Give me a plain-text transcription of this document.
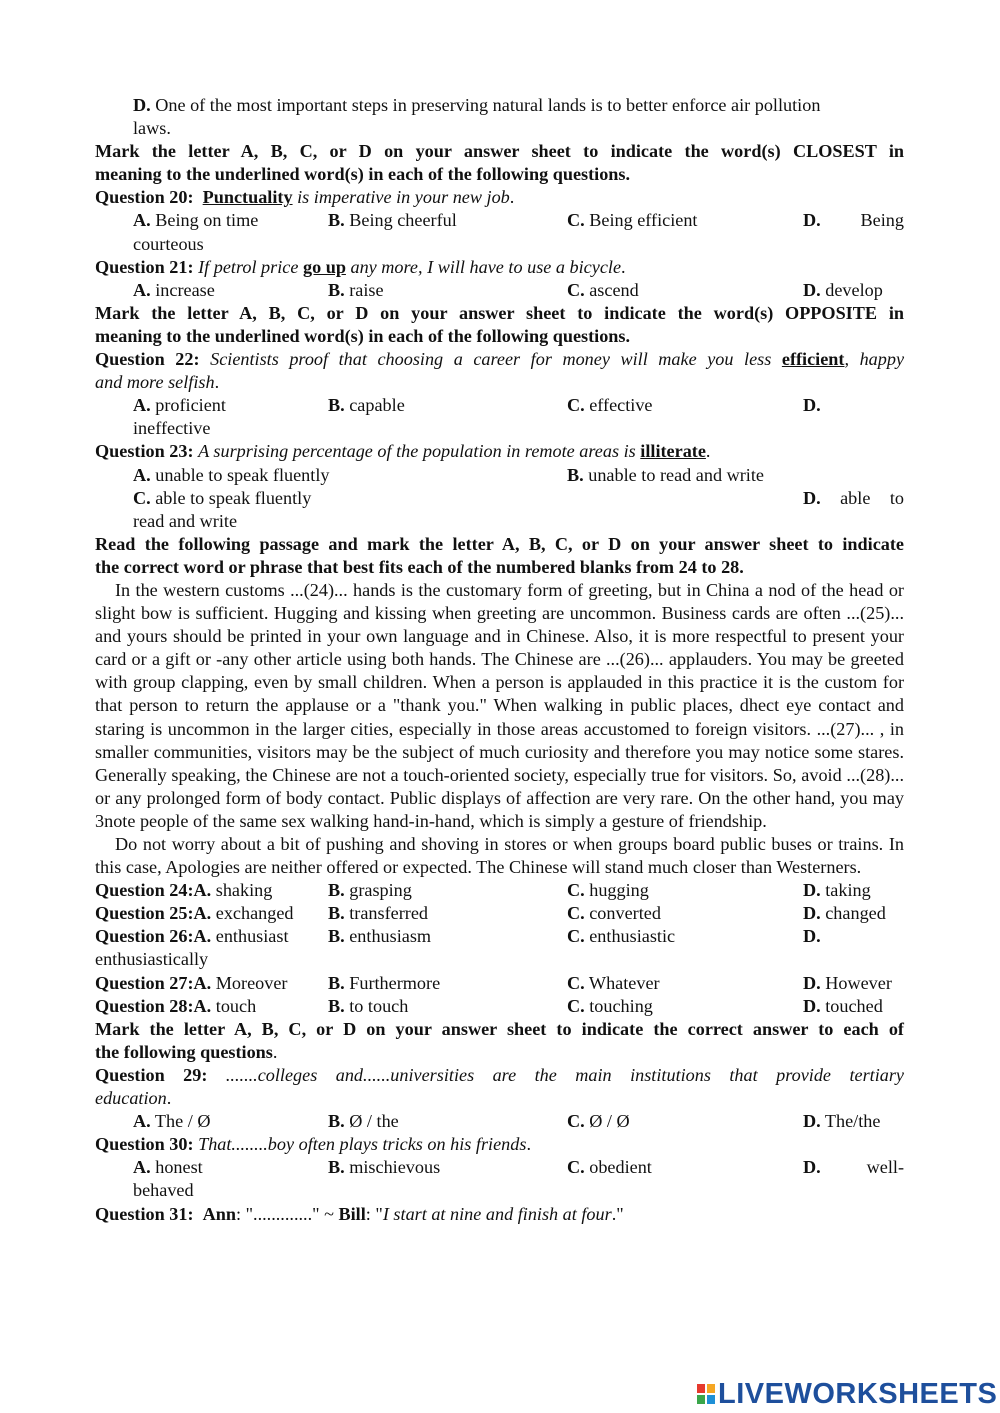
D. One of the most important steps in preserving natural lands is to better enforce air pollution
laws.
Mark the letter A, B, C, or D on your answer sheet to indicate the word(s) CLOSEST in
meaning to the underlined word(s) in each of the following questions.
Question 20: Punctuality is imperative in your new job.
A. Being on time	B. Being cheerful	C. Being efficient	D. Being
courteous
Question 21: If petrol price go up any more, I will have to use a bicycle.
A. increase	B. raise	C. ascend	D. develop
Mark the letter A, B, C, or D on your answer sheet to indicate the word(s) OPPOSITE in
meaning to the underlined word(s) in each of the following questions.
Question 22: Scientists proof that choosing a career for money will make you less efficient, happy
and more selfish.
A. proficient	B. capable	C. effective	D.
ineffective
Question 23: A surprising percentage of the population in remote areas is illiterate.
A. unable to speak fluently	B. unable to read and write
C. able to speak fluently	D. able to
read and write
Read the following passage and mark the letter A, B, C, or D on your answer sheet to indicate
the correct word or phrase that best fits each of the numbered blanks from 24 to 28.

In the western customs ...(24)... hands is the customary form of greeting, but in China a nod of the head or slight bow is sufficient. Hugging and kissing when greeting are uncommon. Business cards are often ...(25)... and yours should be printed in your own language and in Chinese. Also, it is more respectful to present your card or a gift or -any other article using both hands. The Chinese are ...(26)... applauders. You may be greeted with group clapping, even by small children. When a person is applauded in this practice it is the custom for that person to return the applause or a "thank you." When walking in public places, dhect eye contact and staring is uncommon in the larger cities, especially in those areas accustomed to foreign visitors. ...(27)... , in smaller communities, visitors may be the subject of much curiosity and therefore you may notice some stares. Generally speaking, the Chinese are not a touch-oriented society, especially true for visitors. So, avoid ...(28)... or any prolonged form of body contact. Public displays of affection are very rare. On the other hand, you may 3note people of the same sex walking hand-in-hand, which is simply a gesture of friendship.

Do not worry about a bit of pushing and shoving in stores or when groups board public buses or trains. In this case, Apologies are neither offered or expected. The Chinese will stand much closer than Westerners.

Question 24:A. shaking	B. grasping	C. hugging	D. taking
Question 25:A. exchanged B. transferred	C. converted	D. changed
Question 26:A. enthusiast B. enthusiasm	C. enthusiastic	D.
enthusiastically
Question 27:A. Moreover B. Furthermore	C. Whatever	D. However
Question 28:A. touch	B. to touch	C. touching	D. touched
Mark the letter A, B, C, or D on your answer sheet to indicate the correct answer to each of
the following questions.
Question 29: .......colleges and......universities are the main institutions that provide tertiary
education.
A. The / Ø	B. Ø / the	C. Ø / Ø	D. The/the
Question 30: That........boy often plays tricks on his friends.
A. honest	B. mischievous	C. obedient	D.	well-
behaved
Question 31: Ann: "............." ~ Bill: "I start at nine and finish at four."
LIVEWORKSHEETS
